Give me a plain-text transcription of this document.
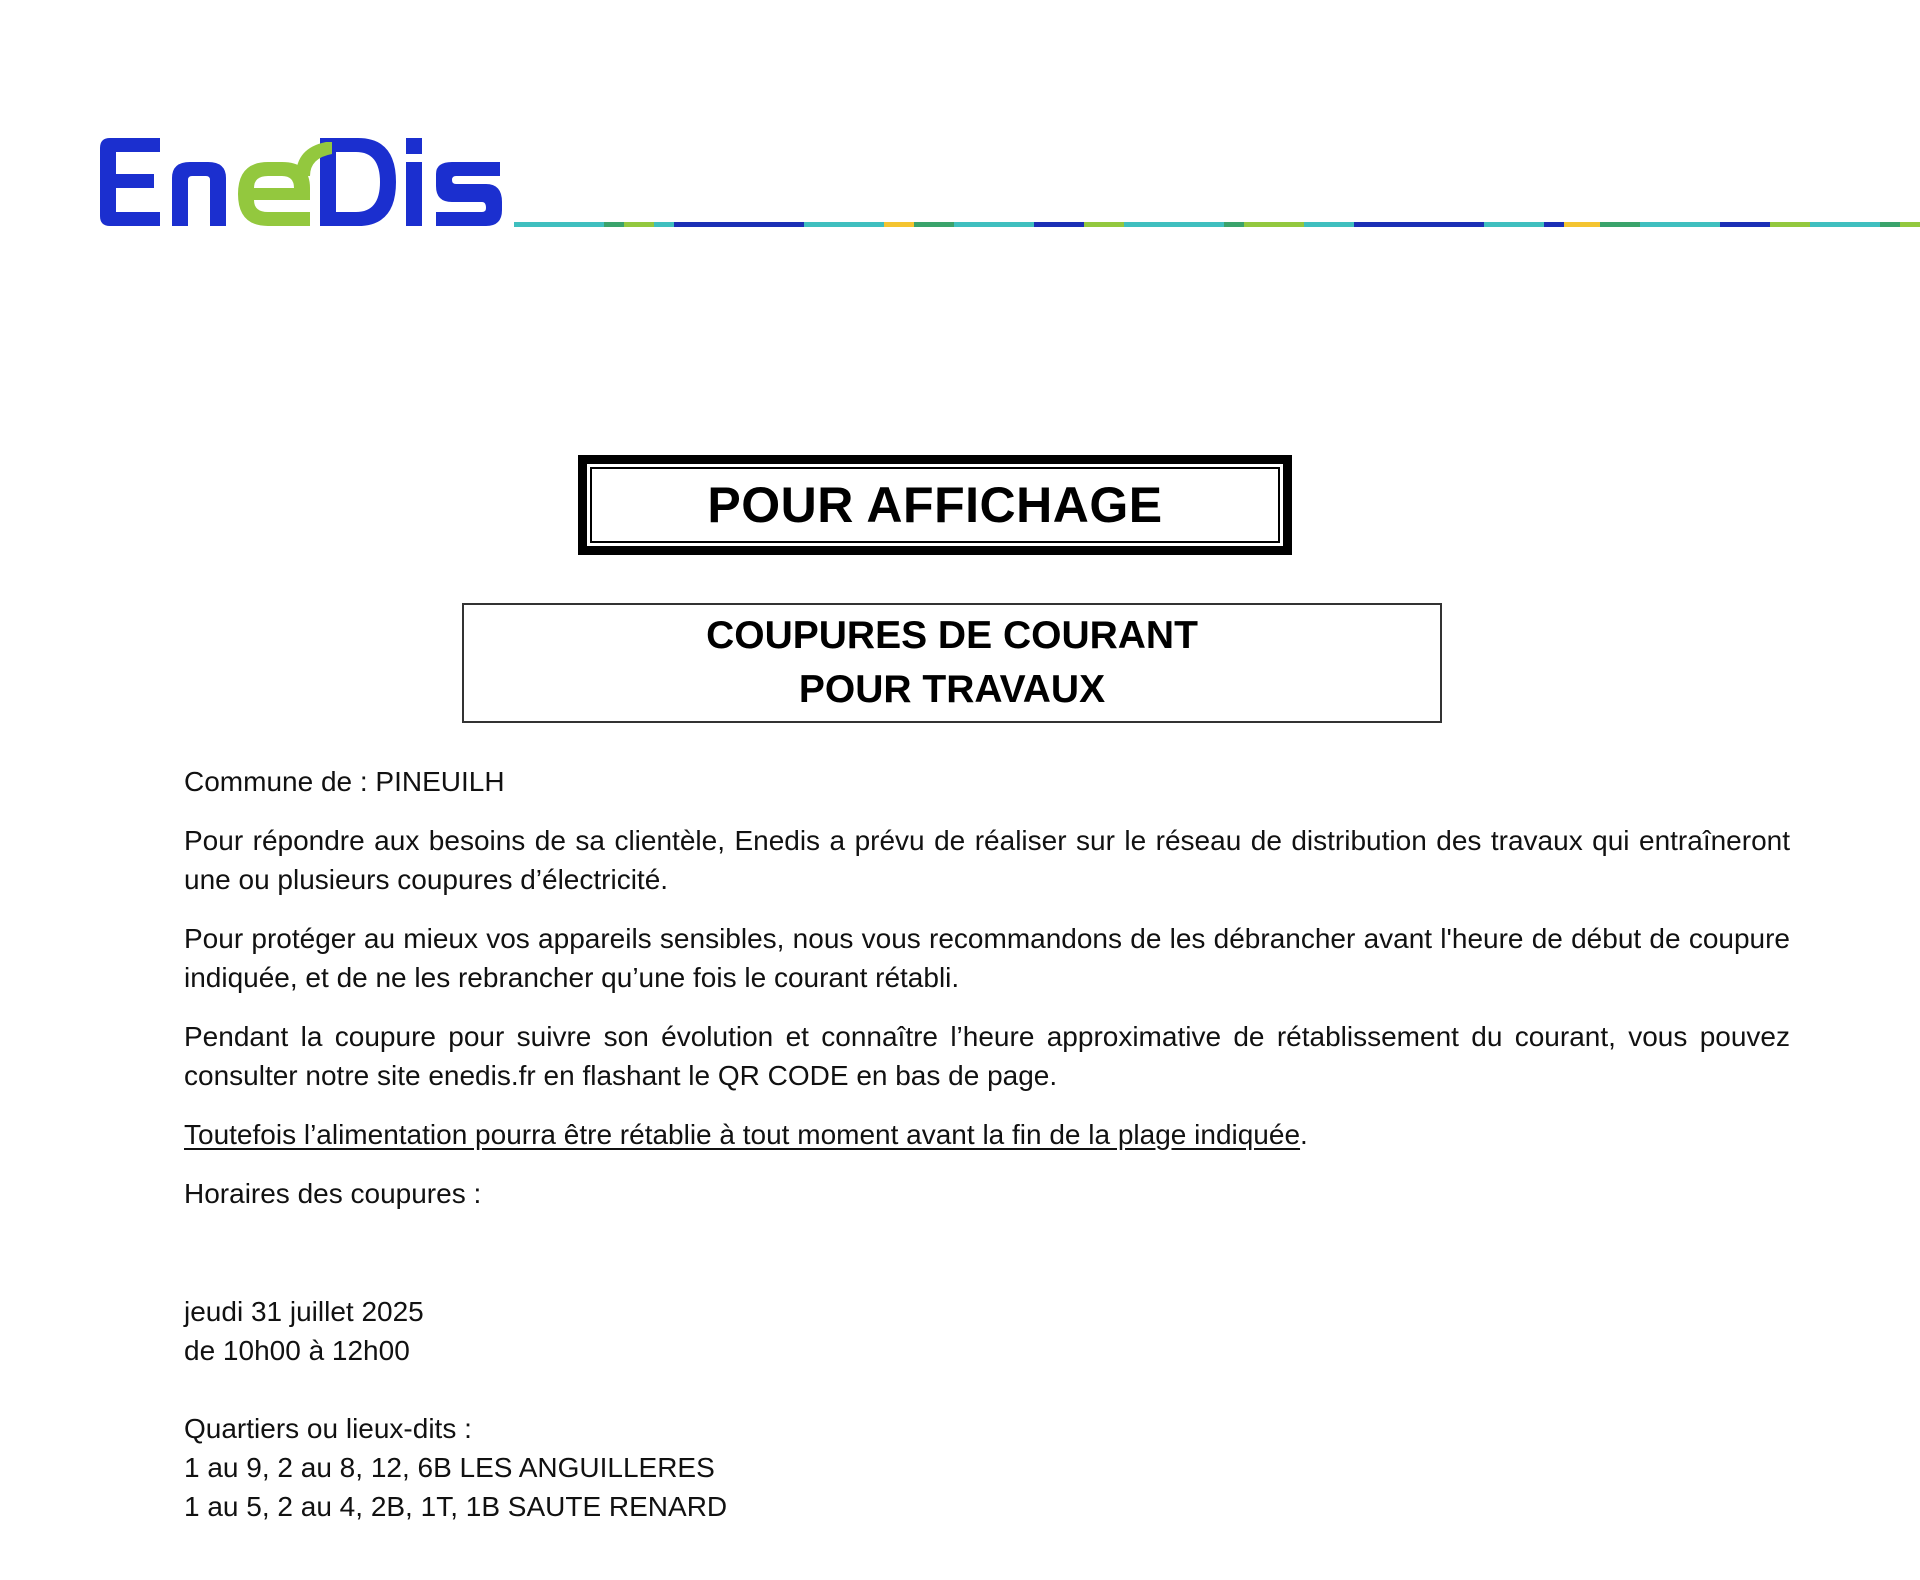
POUR AFFICHAGE
COUPURES DE COURANT
POUR TRAVAUX

Commune de : PINEUILH

Pour répondre aux besoins de sa clientèle, Enedis a prévu de réaliser sur le réseau de distribution des travaux qui entraîneront une ou plusieurs coupures d’électricité.

Pour protéger au mieux vos appareils sensibles, nous vous recommandons de les débrancher avant l'heure de début de coupure indiquée, et de ne les rebrancher qu’une fois le courant rétabli.

Pendant la coupure pour suivre son évolution et connaître l’heure approximative de rétablissement du courant, vous pouvez consulter notre site enedis.fr en flashant le QR CODE en bas de page.

Toutefois l’alimentation pourra être rétablie à tout moment avant la fin de la plage indiquée.

Horaires des coupures :

jeudi 31 juillet 2025
de 10h00 à 12h00
Quartiers ou lieux-dits :
1 au 9, 2 au 8, 12, 6B LES ANGUILLERES
1 au 5, 2 au 4, 2B, 1T, 1B SAUTE RENARD
